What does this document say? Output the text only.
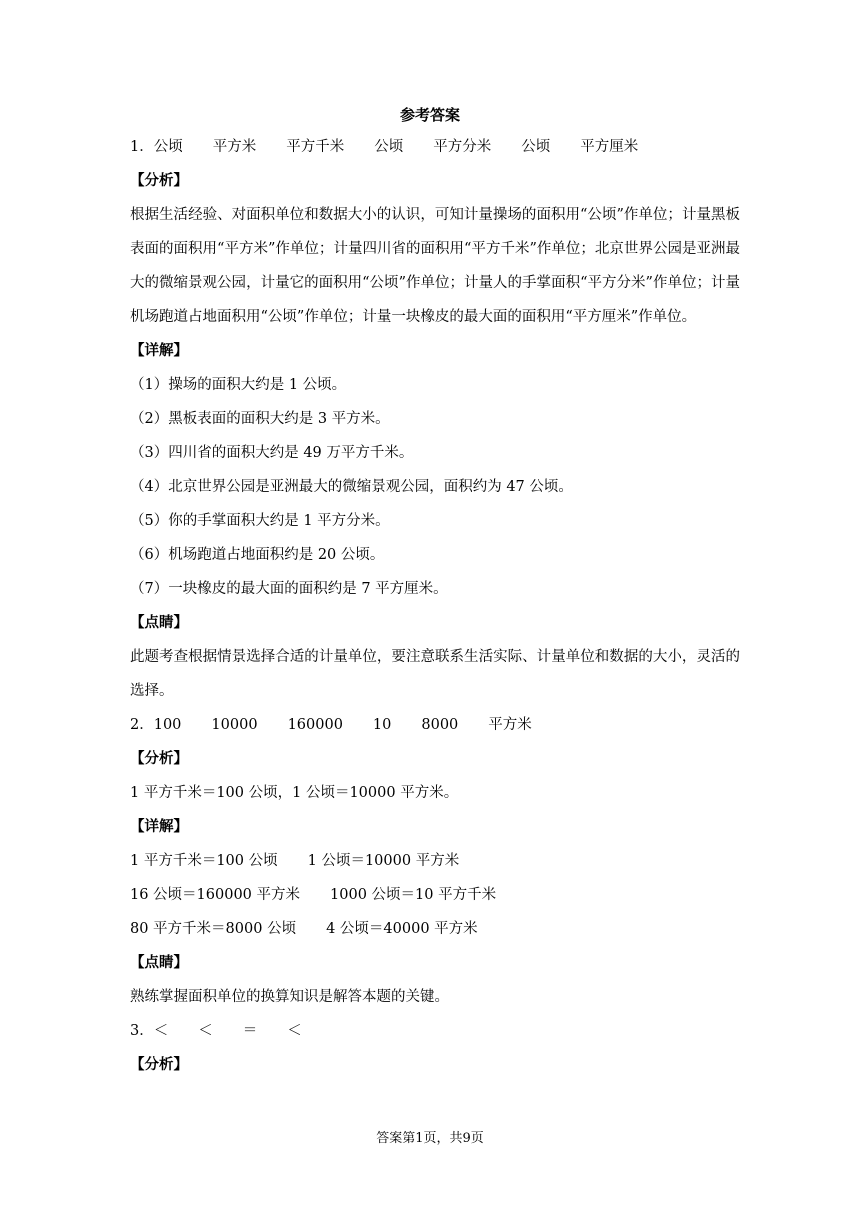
参考答案
1．公顷 平方米 平方千米 公顷 平方分米 公顷 平方厘米
【分析】
根据生活经验、对面积单位和数据大小的认识，可知计量操场的面积用“公顷”作单位；计量黑板表面的面积用“平方米”作单位；计量四川省的面积用“平方千米”作单位；北京世界公园是亚洲最大的微缩景观公园，计量它的面积用“公顷”作单位；计量人的手掌面积“平方分米”作单位；计量机场跑道占地面积用“公顷”作单位；计量一块橡皮的最大面的面积用“平方厘米”作单位。
【详解】
（1）操场的面积大约是 1 公顷。
（2）黑板表面的面积大约是 3 平方米。
（3）四川省的面积大约是 49 万平方千米。
（4）北京世界公园是亚洲最大的微缩景观公园，面积约为 47 公顷。
（5）你的手掌面积大约是 1 平方分米。
（6）机场跑道占地面积约是 20 公顷。
（7）一块橡皮的最大面的面积约是 7 平方厘米。
【点睛】
此题考查根据情景选择合适的计量单位，要注意联系生活实际、计量单位和数据的大小，灵活的选择。
2．100 10000 160000 10 8000 平方米
【分析】
1 平方千米＝100 公顷，1 公顷＝10000 平方米。
【详解】
1 平方千米＝100 公顷 1 公顷＝10000 平方米
16 公顷＝160000 平方米 1000 公顷＝10 平方千米
80 平方千米＝8000 公顷 4 公顷＝40000 平方米
【点睛】
熟练掌握面积单位的换算知识是解答本题的关键。
3．＜ ＜ ＝ ＜
【分析】
答案第1页，共9页
